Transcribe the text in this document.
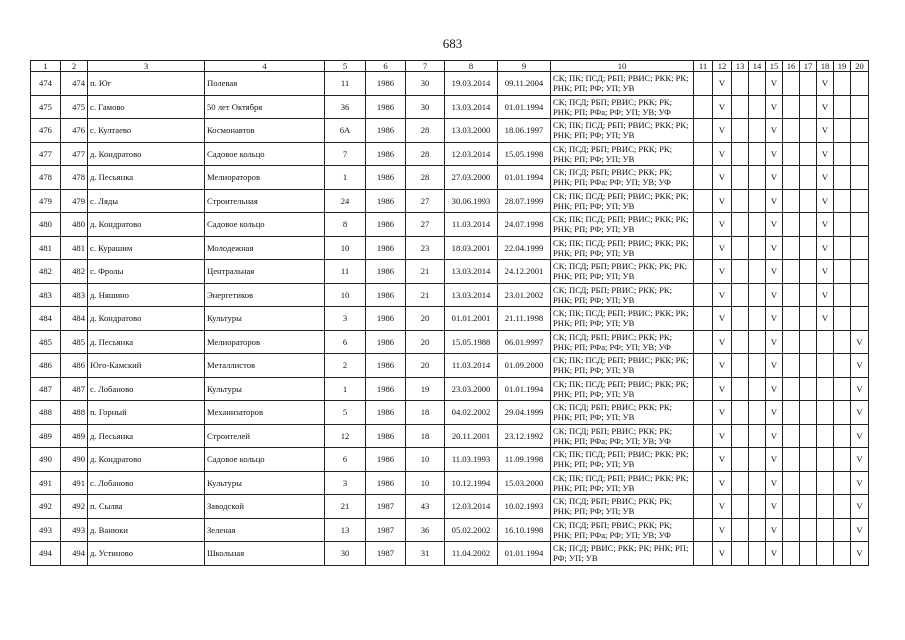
683
1	2	3	4	5	6	7	8	9	10	11	12	13	14	15	16	17	18	19	20
474	474	п. Юг	Полевая	11	1986	30	19.03.2014	09.11.2004	СК; ПК; ПСД; РБП; РВИС; РКК; РК; РНК; РП; РФ; УП; УВ		V			V			V		
475	475	с. Гамово	50 лет Октября	36	1986	30	13.03.2014	01.01.1994	СК; ПСД; РБП; РВИС; РКК; РК; РНК; РП; РФа; РФ; УП; УВ; УФ		V			V			V		
476	476	с. Култаево	Космонавтов	6А	1986	28	13.03.2000	18.06.1997	СК; ПК; ПСД; РБП; РВИС; РКК; РК; РНК; РП; РФ; УП; УВ		V			V			V		
477	477	д. Кондратово	Садовое кольцо	7	1986	28	12.03.2014	15.05.1998	СК; ПСД; РБП; РВИС; РКК; РК; РНК; РП; РФ; УП; УВ		V			V			V		
478	478	д. Песьянка	Мелиораторов	1	1986	28	27.03.2000	01.01.1994	СК; ПСД; РБП; РВИС; РКК; РК; РНК; РП; РФа; РФ; УП; УВ; УФ		V			V			V		
479	479	с. Ляды	Строительная	24	1986	27	30.06.1993	28.07.1999	СК; ПК; ПСД; РБП; РВИС; РКК; РК; РНК; РП; РФ; УП; УВ		V			V			V		
480	480	д. Кондратово	Садовое кольцо	8	1986	27	11.03.2014	24.07.1998	СК; ПК; ПСД; РБП; РВИС; РКК; РК; РНК; РП; РФ; УП; УВ		V			V			V		
481	481	с. Курашим	Молодежная	10	1986	23	18.03.2001	22.04.1999	СК; ПК; ПСД; РБП; РВИС; РКК; РК; РНК; РП; РФ; УП; УВ		V			V			V		
482	482	с. Фролы	Центральная	11	1986	21	13.03.2014	24.12.2001	СК; ПСД; РБП; РВИС; РКК; РК; РК; РНК; РП; РФ; УП; УВ		V			V			V		
483	483	д. Няшино	Энергетиков	10	1986	21	13.03.2014	23.01.2002	СК; ПСД; РБП; РВИС; РКК; РК; РНК; РП; РФ; УП; УВ		V			V			V		
484	484	д. Кондратово	Культуры	3	1986	20	01.01.2001	21.11.1998	СК; ПК; ПСД; РБП; РВИС; РКК; РК; РНК; РП; РФ; УП; УВ		V			V			V		
485	485	д. Песьянка	Мелиораторов	6	1986	20	15.05.1988	06.01.9997	СК; ПСД; РБП; РВИС; РКК; РК; РНК; РП; РФа; РФ; УП; УВ; УФ		V			V					V
486	486	Юго-Камский	Металлистов	2	1986	20	11.03.2014	01.09.2000	СК; ПК; ПСД; РБП; РВИС; РКК; РК; РНК; РП; РФ; УП; УВ		V			V					V
487	487	с. Лобаново	Культуры	1	1986	19	23.03.2000	01.01.1994	СК; ПК; ПСД; РБП; РВИС; РКК; РК; РНК; РП; РФ; УП; УВ		V			V					V
488	488	п. Горный	Механизаторов	5	1986	18	04.02.2002	29.04.1999	СК; ПСД; РБП; РВИС; РКК; РК; РНК; РП; РФ; УП; УВ		V			V					V
489	489	д. Песьянка	Строителей	12	1986	18	20.11.2001	23.12.1992	СК; ПСД; РБП; РВИС; РКК; РК; РНК; РП; РФа; РФ; УП; УВ; УФ		V			V					V
490	490	д. Кондратово	Садовое кольцо	6	1986	10	11.03.1993	11.09.1998	СК; ПК; ПСД; РБП; РВИС; РКК; РК; РНК; РП; РФ; УП; УВ		V			V					V
491	491	с. Лобаново	Культуры	3	1986	10	10.12.1994	15.03.2000	СК; ПК; ПСД; РБП; РВИС; РКК; РК; РНК; РП; РФ; УП; УВ		V			V					V
492	492	п. Сылва	Заводской	21	1987	43	12.03.2014	10.02.1993	СК; ПСД; РБП; РВИС; РКК; РК; РНК; РП; РФ; УП; УВ		V			V					V
493	493	д. Ванюки	Зеленая	13	1987	36	05.02.2002	16.10.1998	СК; ПСД; РБП; РВИС; РКК; РК; РНК; РП; РФа; РФ; УП; УВ; УФ		V			V					V
494	494	д. Устиново	Школьная	30	1987	31	11.04.2002	01.01.1994	СК; ПСД; РВИС; РКК; РК; РНК; РП; РФ; УП; УВ		V			V					V
